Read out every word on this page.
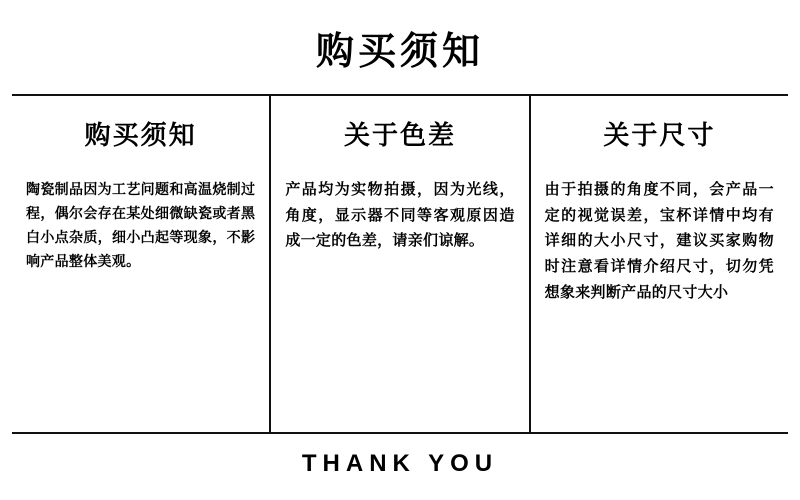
购买须知
购买须知
陶瓷制品因为工艺问题和高温烧制过程，偶尔会存在某处细微缺瓷或者黑白小点杂质，细小凸起等现象，不影响产品整体美观。
关于色差
产品均为实物拍摄，因为光线，角度，显示器不同等客观原因造成一定的色差，请亲们谅解。
关于尺寸
由于拍摄的角度不同，会产品一定的视觉误差，宝杯详情中均有详细的大小尺寸，建议买家购物时注意看详情介绍尺寸，切勿凭想象来判断产品的尺寸大小
THANK YOU
